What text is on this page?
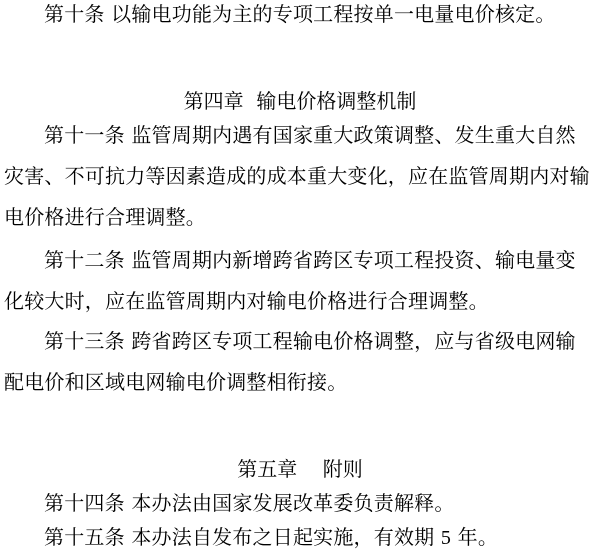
第十条 以输电功能为主的专项工程按单一电量电价核定。
第四章  输电价格调整机制
第十一条 监管周期内遇有国家重大政策调整、发生重大自然
灾害、不可抗力等因素造成的成本重大变化，应在监管周期内对输
电价格进行合理调整。
第十二条 监管周期内新增跨省跨区专项工程投资、输电量变
化较大时，应在监管周期内对输电价格进行合理调整。
第十三条 跨省跨区专项工程输电价格调整，应与省级电网输
配电价和区域电网输电价调整相衔接。
第五章    附则
第十四条 本办法由国家发展改革委负责解释。
第十五条 本办法自发布之日起实施，有效期 5 年。
